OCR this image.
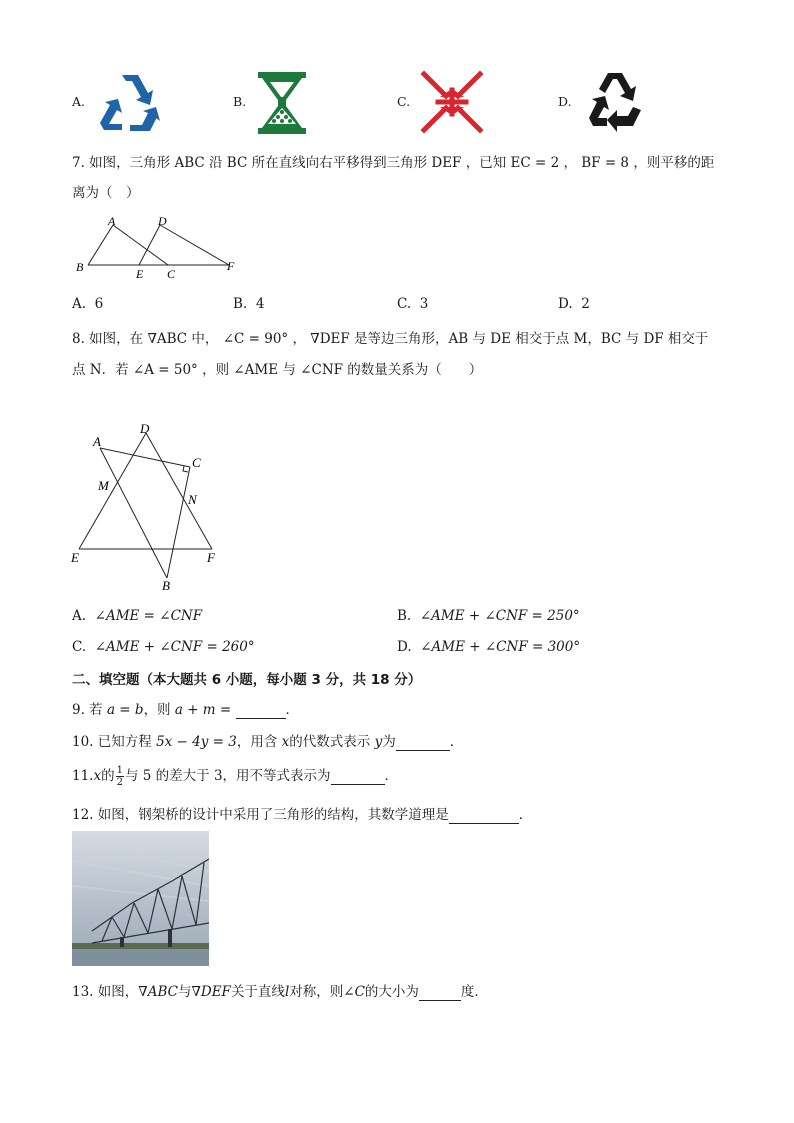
A.	B.	C.	D.
7. 如图，三角形 ABC 沿 BC 所在直线向右平移得到三角形 DEF ，已知 EC = 2 ， BF = 8 ，则平移的距
离为（　）
A	D
B	E C
F
A. 6	B. 4	C. 3	D. 2
8. 如图，在 ∇ABC 中， ∠C = 90° ， ∇DEF 是等边三角形，AB 与 DE 相交于点 M，BC 与 DF 相交于
点 N．若 ∠A = 50° ，则 ∠AME 与 ∠CNF 的数量关系为（　　）
A
D
C
M
N
E	F
B
A. ∠AME = ∠CNF	B. ∠AME + ∠CNF = 250°
C. ∠AME + ∠CNF = 260°	D. ∠AME + ∠CNF = 300°
二、填空题（本大题共 6 小题，每小题 3 分，共 18 分）
9. 若 a = b，则 a + m =	．
10. 已知方程 5x − 4y = 3，用含 x的代数式表示 y为	．
11.x的 $\frac{1}{2}$ 与 5 的差大于 3，用不等式表示为	．
12. 如图，钢架桥的设计中采用了三角形的结构，其数学道理是	．
13. 如图，∇ABC与∇DEF关于直线l对称，则∠C的大小为	度．
